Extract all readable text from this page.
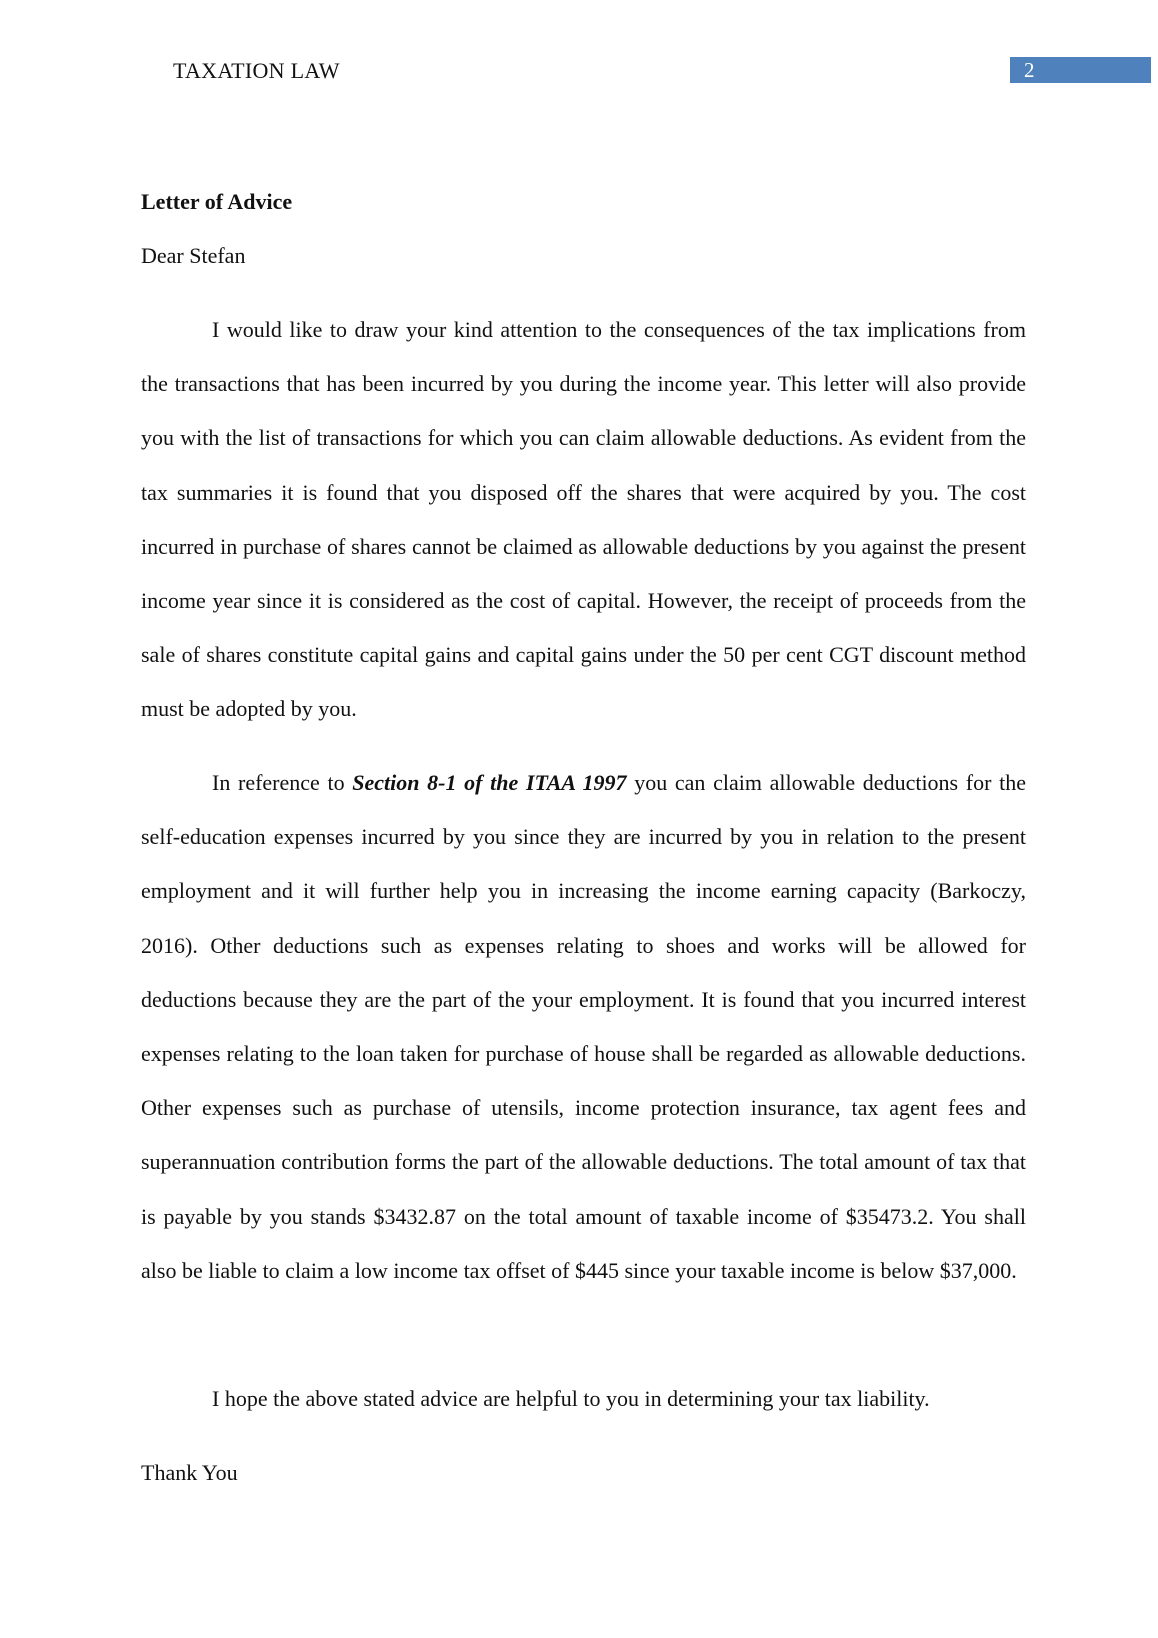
TAXATION LAW	2
Letter of Advice
Dear Stefan

I would like to draw your kind attention to the consequences of the tax implications from the transactions that has been incurred by you during the income year. This letter will also provide you with the list of transactions for which you can claim allowable deductions. As evident from the tax summaries it is found that you disposed off the shares that were acquired by you. The cost incurred in purchase of shares cannot be claimed as allowable deductions by you against the present income year since it is considered as the cost of capital. However, the receipt of proceeds from the sale of shares constitute capital gains and capital gains under the 50 per cent CGT discount method must be adopted by you.

In reference to Section 8-1 of the ITAA 1997 you can claim allowable deductions for the self-education expenses incurred by you since they are incurred by you in relation to the present employment and it will further help you in increasing the income earning capacity (Barkoczy, 2016). Other deductions such as expenses relating to shoes and works will be allowed for deductions because they are the part of the your employment. It is found that you incurred interest expenses relating to the loan taken for purchase of house shall be regarded as allowable deductions. Other expenses such as purchase of utensils, income protection insurance, tax agent fees and superannuation contribution forms the part of the allowable deductions. The total amount of tax that is payable by you stands $3432.87 on the total amount of taxable income of $35473.2. You shall also be liable to claim a low income tax offset of $445 since your taxable income is below $37,000.

I hope the above stated advice are helpful to you in determining your tax liability.

Thank You
